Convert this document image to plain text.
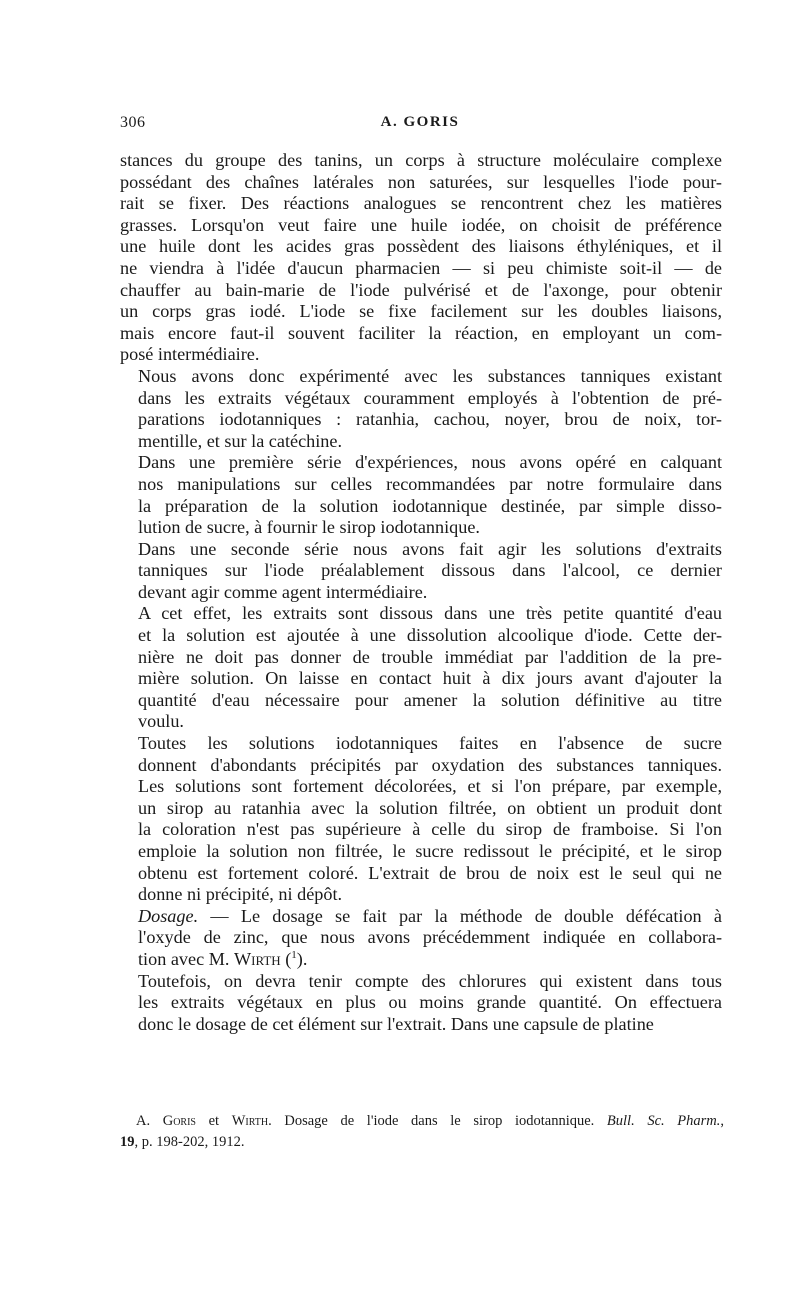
306	A. GORIS

stances du groupe des tanins, un corps à structure moléculaire complexe
possédant des chaînes latérales non saturées, sur lesquelles l'iode pour-
rait se fixer. Des réactions analogues se rencontrent chez les matières
grasses. Lorsqu'on veut faire une huile iodée, on choisit de préférence
une huile dont les acides gras possèdent des liaisons éthyléniques, et il
ne viendra à l'idée d'aucun pharmacien — si peu chimiste soit-il — de
chauffer au bain-marie de l'iode pulvérisé et de l'axonge, pour obtenir
un corps gras iodé. L'iode se fixe facilement sur les doubles liaisons,
mais encore faut-il souvent faciliter la réaction, en employant un com-
posé intermédiaire.

Nous avons donc expérimenté avec les substances tanniques existant
dans les extraits végétaux couramment employés à l'obtention de pré-
parations iodotanniques : ratanhia, cachou, noyer, brou de noix, tor-
mentille, et sur la catéchine.

Dans une première série d'expériences, nous avons opéré en calquant
nos manipulations sur celles recommandées par notre formulaire dans
la préparation de la solution iodotannique destinée, par simple disso-
lution de sucre, à fournir le sirop iodotannique.

Dans une seconde série nous avons fait agir les solutions d'extraits
tanniques sur l'iode préalablement dissous dans l'alcool, ce dernier
devant agir comme agent intermédiaire.

A cet effet, les extraits sont dissous dans une très petite quantité d'eau
et la solution est ajoutée à une dissolution alcoolique d'iode. Cette der-
nière ne doit pas donner de trouble immédiat par l'addition de la pre-
mière solution. On laisse en contact huit à dix jours avant d'ajouter la
quantité d'eau nécessaire pour amener la solution définitive au titre
voulu.

Toutes les solutions iodotanniques faites en l'absence de sucre
donnent d'abondants précipités par oxydation des substances tanniques.
Les solutions sont fortement décolorées, et si l'on prépare, par exemple,
un sirop au ratanhia avec la solution filtrée, on obtient un produit dont
la coloration n'est pas supérieure à celle du sirop de framboise. Si l'on
emploie la solution non filtrée, le sucre redissout le précipité, et le sirop
obtenu est fortement coloré. L'extrait de brou de noix est le seul qui ne
donne ni précipité, ni dépôt.

Dosage. — Le dosage se fait par la méthode de double défécation à
l'oxyde de zinc, que nous avons précédemment indiquée en collabora-
tion avec M. Wirth ($^1$).

Toutefois, on devra tenir compte des chlorures qui existent dans tous
les extraits végétaux en plus ou moins grande quantité. On effectuera
donc le dosage de cet élément sur l'extrait. Dans une capsule de platine

A. Goris et Wirth. Dosage de l'iode dans le sirop iodotannique. Bull. Sc. Pharm.,
19, p. 198-202, 1912.
